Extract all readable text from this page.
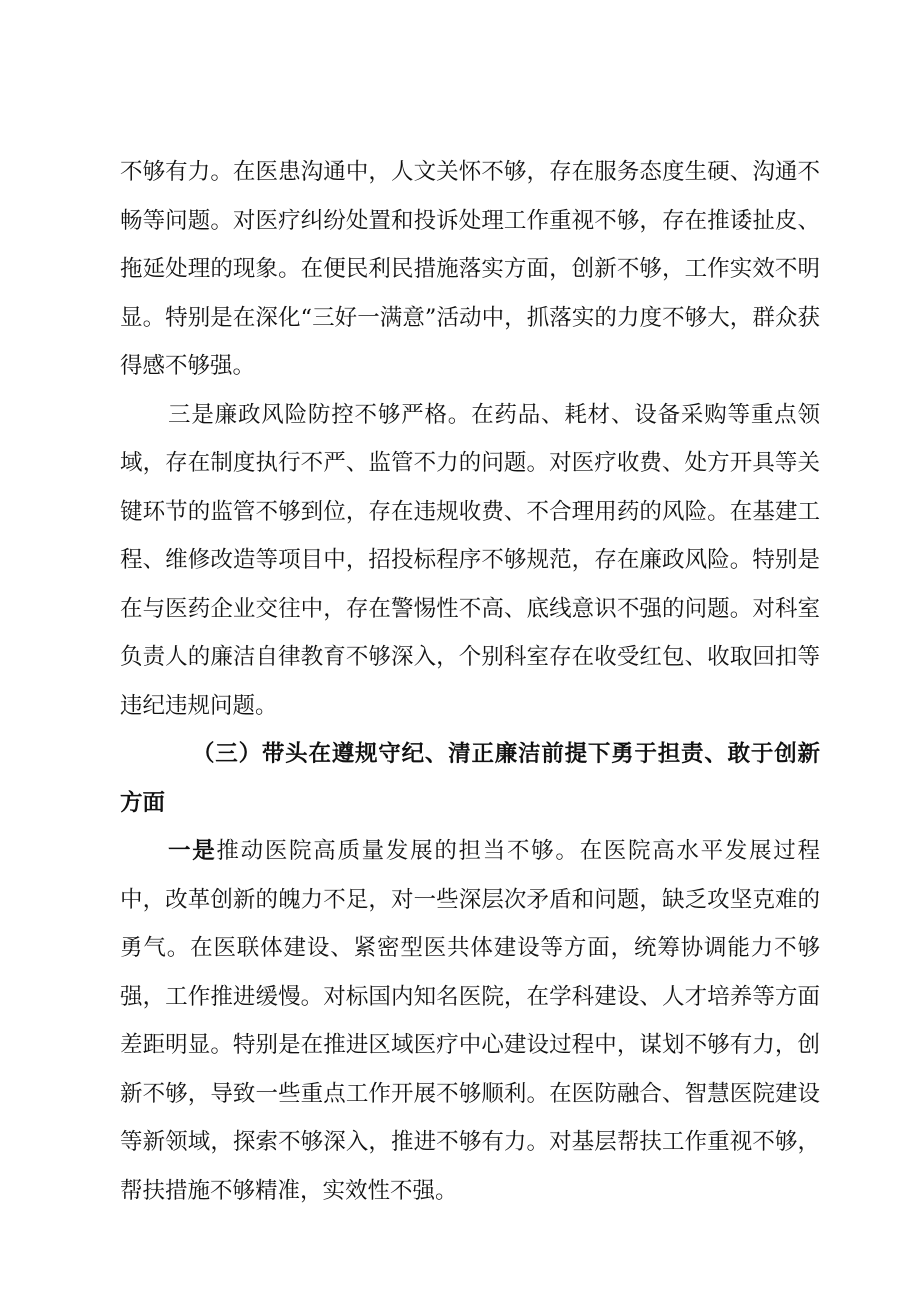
不够有力。在医患沟通中，人文关怀不够，存在服务态度生硬、沟通不畅等问题。对医疗纠纷处置和投诉处理工作重视不够，存在推诿扯皮、拖延处理的现象。在便民利民措施落实方面，创新不够，工作实效不明显。特别是在深化“三好一满意”活动中，抓落实的力度不够大，群众获得感不够强。

三是廉政风险防控不够严格。在药品、耗材、设备采购等重点领域，存在制度执行不严、监管不力的问题。对医疗收费、处方开具等关键环节的监管不够到位，存在违规收费、不合理用药的风险。在基建工程、维修改造等项目中，招投标程序不够规范，存在廉政风险。特别是在与医药企业交往中，存在警惕性不高、底线意识不强的问题。对科室负责人的廉洁自律教育不够深入，个别科室存在收受红包、收取回扣等违纪违规问题。

（三）带头在遵规守纪、清正廉洁前提下勇于担责、敢于创新方面

一是推动医院高质量发展的担当不够。在医院高水平发展过程中，改革创新的魄力不足，对一些深层次矛盾和问题，缺乏攻坚克难的勇气。在医联体建设、紧密型医共体建设等方面，统筹协调能力不够强，工作推进缓慢。对标国内知名医院，在学科建设、人才培养等方面差距明显。特别是在推进区域医疗中心建设过程中，谋划不够有力，创新不够，导致一些重点工作开展不够顺利。在医防融合、智慧医院建设等新领域，探索不够深入，推进不够有力。对基层帮扶工作重视不够，帮扶措施不够精准，实效性不强。
